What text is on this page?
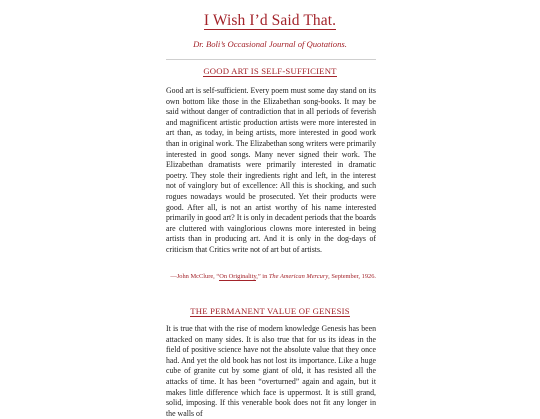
I Wish I’d Said That.
Dr. Boli’s Occasional Journal of Quotations.
GOOD ART IS SELF-SUFFICIENT
Good art is self-sufficient. Every poem must some day stand on its own bottom like those in the Elizabethan song-books. It may be said without danger of contradiction that in all periods of feverish and magnificent artistic production artists were more interested in art than, as today, in being artists, more interested in good work than in original work. The Elizabethan song writers were primarily interested in good songs. Many never signed their work. The Elizabethan dramatists were primarily interested in dramatic poetry. They stole their ingredients right and left, in the interest not of vainglory but of excellence: All this is shocking, and such rogues nowadays would be prosecuted. Yet their products were good. After all, is not an artist worthy of his name interested primarily in good art? It is only in decadent periods that the boards are cluttered with vainglorious clowns more interested in being artists than in producing art. And it is only in the dog-days of criticism that Critics write not of art but of artists.
—John McClure, “On Originality,” in The American Mercury, September, 1926.
THE PERMANENT VALUE OF GENESIS
It is true that with the rise of modern knowledge Genesis has been attacked on many sides. It is also true that for us its ideas in the field of positive science have not the absolute value that they once had. And yet the old book has not lost its importance. Like a huge cube of granite cut by some giant of old, it has resisted all the attacks of time. It has been “overturned” again and again, but it makes little difference which face is uppermost. It is still grand, solid, imposing. If this venerable book does not fit any longer in the walls of
